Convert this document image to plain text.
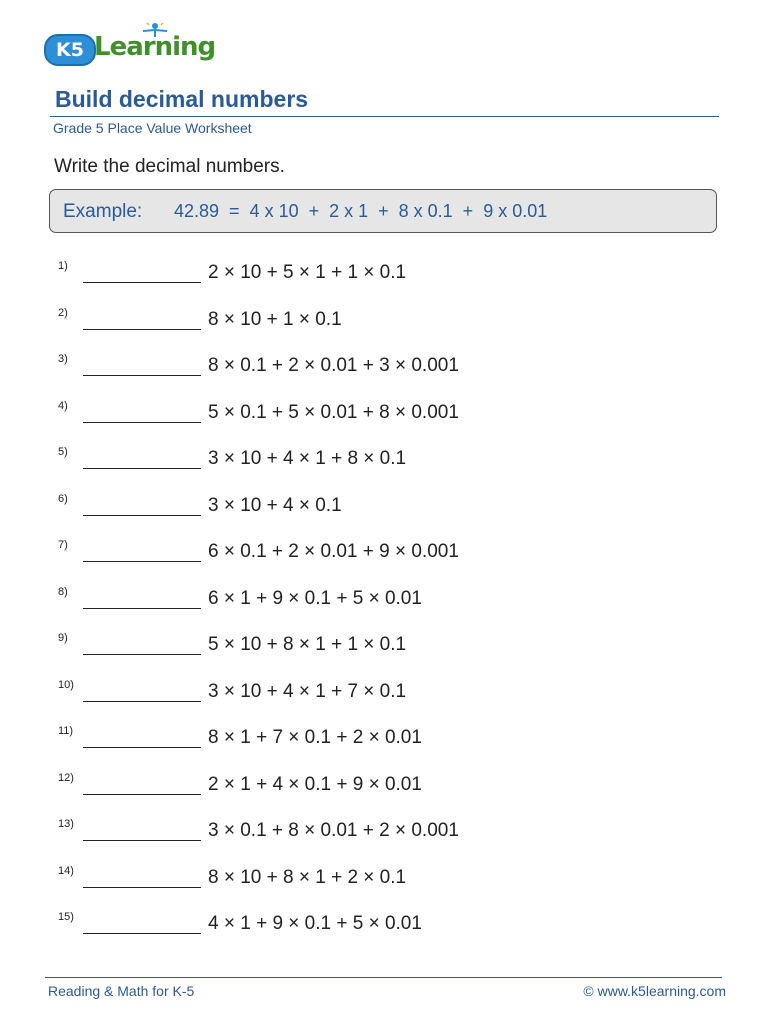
K5 Learning
Build decimal numbers
Grade 5 Place Value Worksheet
Write the decimal numbers.
Example: 42.89  =  4 x 10  +  2 x 1  +  8 x 0.1  +  9 x 0.01
1)	2 × 10 + 5 × 1 + 1 × 0.1
2)	8 × 10 + 1 × 0.1
3)	8 × 0.1 + 2 × 0.01 + 3 × 0.001
4)	5 × 0.1 + 5 × 0.01 + 8 × 0.001
5)	3 × 10 + 4 × 1 + 8 × 0.1
6)	3 × 10 + 4 × 0.1
7)	6 × 0.1 + 2 × 0.01 + 9 × 0.001
8)	6 × 1 + 9 × 0.1 + 5 × 0.01
9)	5 × 10 + 8 × 1 + 1 × 0.1
10)	3 × 10 + 4 × 1 + 7 × 0.1
11)	8 × 1 + 7 × 0.1 + 2 × 0.01
12)	2 × 1 + 4 × 0.1 + 9 × 0.01
13)	3 × 0.1 + 8 × 0.01 + 2 × 0.001
14)	8 × 10 + 8 × 1 + 2 × 0.1
15)	4 × 1 + 9 × 0.1 + 5 × 0.01
Reading & Math for K-5	© www.k5learning.com
